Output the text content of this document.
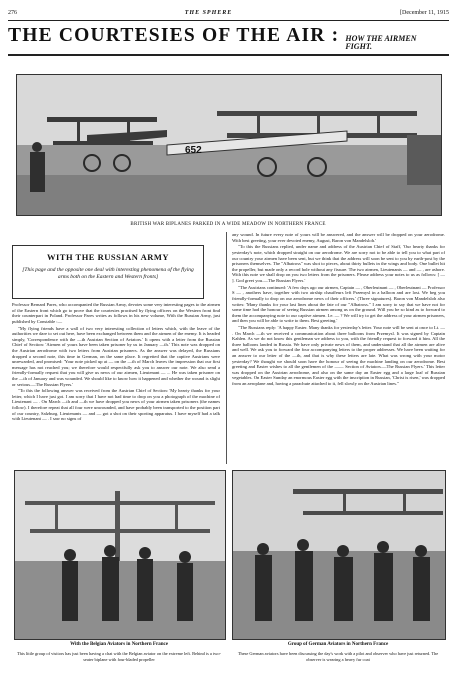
276	THE SPHERE	[December 11, 1915
THE COURTESIES OF THE AIR : HOW THE AIRMEN FIGHT.
652
BRITISH WAR BIPLANES PARKED IN A WIDE MEADOW IN NORTHERN FRANCE
WITH THE RUSSIAN ARMY
[This page and the opposite one deal with interesting phenomena of the flying arms both on the Eastern and Western fronts]

Professor Bernard Pares, who accompanied the Russian Army, devotes some very interesting pages to the airmen of the Eastern front which go to prove that the courtesies practised by flying officers on the Western front find their counterpart in Poland. Professor Pares writes as follows in his new volume, With the Russian Army, just published by Constable :—

"My flying friends have a wall of two very interesting collection of letters which, with the leave of the authorities we dare to set out here, have been exchanged between them and the airmen of the enemy. It is headed simply, 'Correspondence with the —th Austrian Section of Aviators.' It opens with a letter from the Russian Chief of Section: 'Airmen of yours have been taken prisoner by us in January —th.' This note was dropped on the Austrian aerodrome with two letters from Austrian prisoners. As the answer was delayed, the Russians dropped a second note, this time in German, on the same place. It regretted that the captive Austrians were unrewarded, and promised: 'Your note picked up at — on the —th of March leaves the impression that our first message has not reached you; we therefore would respectfully ask you to answer our note. We also send a friendly-formally request that you will give us news of our airmen, Lieutenant — ... He was taken prisoner on the —th of January and was wounded. We should like to know how it happened and whether the wound is slight or serious.—The Russian Flyers.'

"To this the following answer was received from the Austrian Chief of Section: 'My hearty thanks for your letter, which I have just got. I am sorry that I have not had time to drop on you a photograph of the machine of Lieutenant — . On March —th and —th we have dropped you news of your airmen taken prisoners (the names follow). I therefore repeat that all four were unwounded, and have probably been transported to the position part of our country, Salzburg. Lieutenants — and — got a shot on their sporting apparatus. I have myself had a talk with Lieutenant — . I saw no signs of

any wound. In future every note of yours will be answered, and the answer will be dropped on your aerodrome. With best greeting, your ever devoted enemy, August, Baron von Mandelsloh.'

"To this the Russians replied, under name and address of the Austrian Chief of Staff, 'Our hearty thanks for yesterday's note, which dropped straight on our aerodrome. We are sorry not to be able to tell you to what part of our country your airmen have been sent, but we think that the address will soon be sent to you by earth-post by the prisoners themselves. The "Albatross" was shot to pieces, about thirty bullets in the wings and body. One bullet hit the propeller, but made only a record hole without any fissure. The two airmen, Lieutenants — and — , are ashore. With this note we shall drop on you two letters from the prisoners. Please address your notes to us as follows: [ — ]. God greet you.—The Russian Flyers.'

"The Austrians continued: 'A few days ago our airmen, Captain — , Oberleutnant — , Oberleutnant — Professor S — , anothers have, together with two airship chauffeurs left Przemysl in a balloon and are lost. We beg you friendly-formally to drop on our aerodrome news of their officers.' (Three signatures). Baron von Mandelsloh also writes: 'Many thanks for your last lines about the fate of our "Albatross." I am sorry to say that we have not for some time had the honour of seeing Russian airmen among us on the ground. Will you be so kind as to forward to them the accompanying note to our captive airmen. I.e. — ? We will try to get the address of your airmen prisoners, and then you will be able to write to them. Best greeting.'

"The Russians reply: 'A happy Easter. Many thanks for yesterday's letter. Your note will be sent at once to Lt. — . On March —th we received a communication about three balloons from Przemysl. It was signed by Captain Kahlen. As we do not know this gentleman we address to you, with the friendly request to forward it him. All the three balloons landed in Russia. We have only private news of them, and understand that all the airmen are alive and well. We ask you to forward the four accompanying letters to the proper addresses. We have been waiting for an answer to our letter of the —th, and that is why these letters are late. What was wrong with your motor yesterday? We thought we should soon have the honour of seeing the machine landing on our aerodrome. Best greeting and Easter wishes to all the gentlemen of the —— Section of Aviators.—The Russian Flyers.' This letter was dropped on the Austrian aerodrome, and also on the same day an Easter egg and a large loaf of Russian vegetables. On Easter Sunday an enormous Easter egg with the inscription in Russian, 'Christ is risen,' was dropped from an aeroplane and, having a parachute attached to it, fell slowly on the Austrian lines."

With the Belgian Aviators in Northern France
This little group of visitors has just been having a chat with the Belgian aviator on the extreme left. Behind is a two-seater biplane with four-bladed propeller
Group of German Aviators in Northern France
These German aviators have been discussing the day's work with a pilot and observer who have just returned. The observer is wearing a heavy fur coat
